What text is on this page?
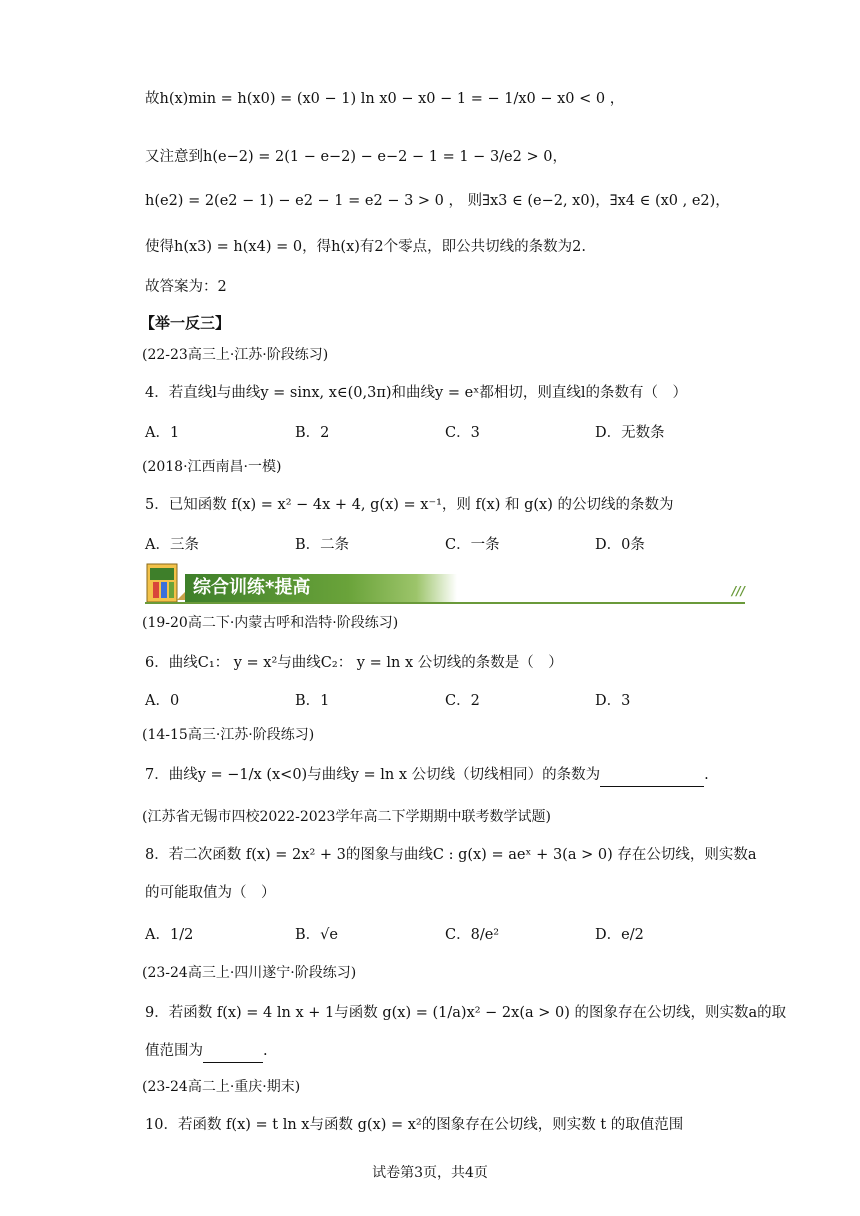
故h(x)min = h(x0) = (x0 − 1) ln x0 − x0 − 1 = − 1/x0 − x0 < 0 ，
又注意到h(e−2) = 2(1 − e−2) − e−2 − 1 = 1 − 3/e2 > 0，
h(e2) = 2(e2 − 1) − e2 − 1 = e2 − 3 > 0 ， 则∃x3 ∈ (e−2, x0)，∃x4 ∈ (x0 , e2)，
使得h(x3) = h(x4) = 0，得h(x)有2个零点，即公共切线的条数为2.
故答案为：2
【举一反三】
(22-23高三上·江苏·阶段练习)
4．若直线l与曲线y = sinx, x∈(0,3π)和曲线y = eˣ都相切，则直线l的条数有（　）
A．1	B．2	C．3	D．无数条
(2018·江西南昌·一模)
5．已知函数 f(x) = x² − 4x + 4, g(x) = x⁻¹，则 f(x) 和 g(x) 的公切线的条数为
A．三条	B．二条	C．一条	D．0条
综合训练*提高	///
(19-20高二下·内蒙古呼和浩特·阶段练习)
6．曲线C₁： y = x²与曲线C₂： y = ln x 公切线的条数是（　）
A．0	B．1	C．2	D．3
(14-15高三·江苏·阶段练习)
7．曲线y = −1/x (x<0)与曲线y = ln x 公切线（切线相同）的条数为	.
(江苏省无锡市四校2022-2023学年高二下学期期中联考数学试题)
8．若二次函数 f(x) = 2x² + 3的图象与曲线C : g(x) = aeˣ + 3(a > 0) 存在公切线，则实数a
的可能取值为（　）
A．1/2	B．√e	C．8/e²	D．e/2
(23-24高三上·四川遂宁·阶段练习)
9．若函数 f(x) = 4 ln x + 1与函数 g(x) = (1/a)x² − 2x(a > 0) 的图象存在公切线，则实数a的取
值范围为	.
(23-24高二上·重庆·期末)
10．若函数 f(x) = t ln x与函数 g(x) = x²的图象存在公切线，则实数 t 的取值范围
试卷第3页，共4页
